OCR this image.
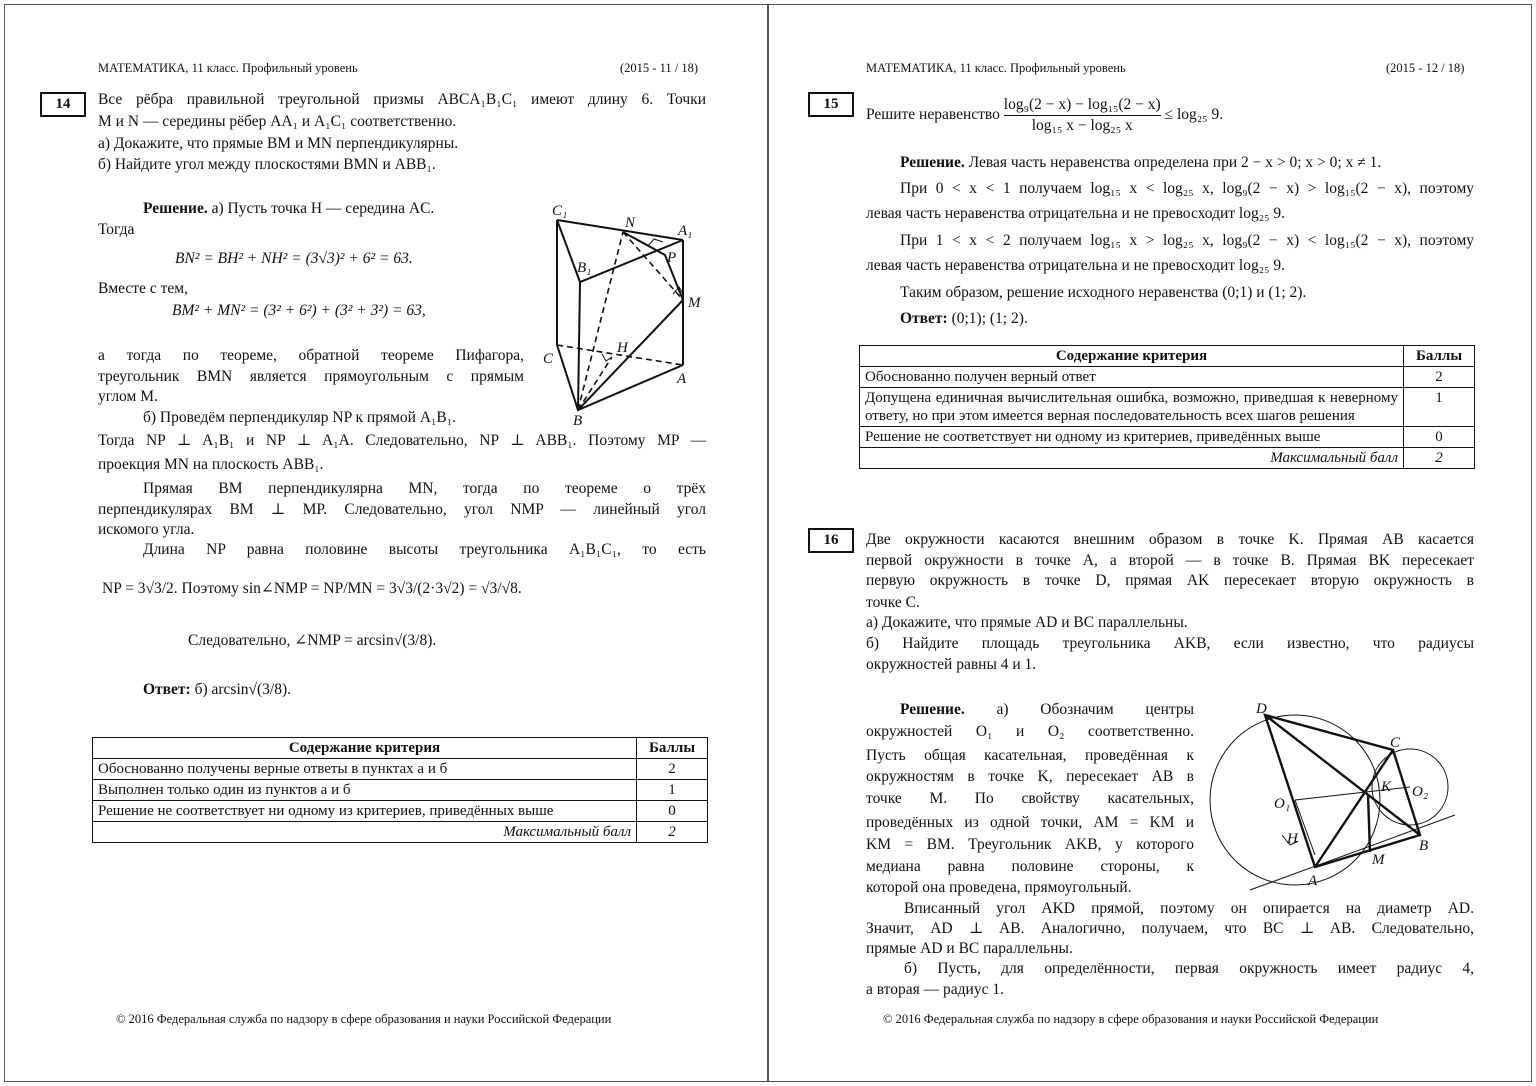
МАТЕМАТИКА, 11 класс. Профильный уровень	(2015 - 11 / 18)
14	Все рёбра правильной треугольной призмы ABCA₁B₁C₁ имеют длину 6. Точки
M и N — середины рёбер AA₁ и A₁C₁ соответственно.
а) Докажите, что прямые BM и MN перпендикулярны.
б) Найдите угол между плоскостями BMN и ABB₁.
Решение. а) Пусть точка H — середина AC.
Тогда
BN² = BH² + NH² = (3√3)² + 6² = 63.
Вместе с тем,
BM² + MN² = (3² + 6²) + (3² + 3²) = 63,
а тогда по теореме, обратной теореме Пифагора,
треугольник BMN является прямоугольным с прямым
углом M.
б) Проведём перпендикуляр NP к прямой A₁B₁.
Тогда NP ⊥ A₁B₁ и NP ⊥ A₁A. Следовательно, NP ⊥ ABB₁. Поэтому MP —
проекция MN на плоскость ABB₁.
Прямая BM перпендикулярна MN, тогда по теореме о трёх
перпендикулярах BM ⊥ MP. Следовательно, угол NMP — линейный угол
искомого угла.
Длина NP равна половине высоты треугольника A₁B₁C₁, то есть
NP = 3√3/2. Поэтому sin∠NMP = NP/MN = 3√3/(2·3√2) = √3/√8.
Следовательно, ∠NMP = arcsin√(3/8).
Ответ: б) arcsin√(3/8).
C₁
N	A₁
B₁
P
M
C
H
A
B
Содержание критерия	Баллы
Обоснованно получены верные ответы в пунктах а и б	2
Выполнен только один из пунктов а и б	1
Решение не соответствует ни одному из критериев, приведённых выше	0
Максимальный балл	2
© 2016 Федеральная служба по надзору в сфере образования и науки Российской Федерации
МАТЕМАТИКА, 11 класс. Профильный уровень	(2015 - 12 / 18)
15
Решите неравенство $\frac{\text{log₉(2 − x) − log₁₅(2 − x)}}{\text{log₁₅ x − log₂₅ x}} \le \log_{25}$ 9.
Решение. Левая часть неравенства определена при 2 − x > 0; x > 0; x ≠ 1.
При 0 < x < 1 получаем log₁₅ x < log₂₅ x, log₉(2 − x) > log₁₅(2 − x), поэтому
левая часть неравенства отрицательна и не превосходит log₂₅ 9.
При 1 < x < 2 получаем log₁₅ x > log₂₅ x, log₉(2 − x) < log₁₅(2 − x), поэтому
левая часть неравенства отрицательна и не превосходит log₂₅ 9.
Таким образом, решение исходного неравенства (0;1) и (1; 2).
Ответ: (0;1); (1; 2).
Содержание критерия	Баллы
Обоснованно получен верный ответ	2
Допущена единичная вычислительная ошибка, возможно, приведшая к неверному ответу, но при этом имеется верная последовательность всех шагов решения	1
Решение не соответствует ни одному из критериев, приведённых выше	0
Максимальный балл	2
16	Две окружности касаются внешним образом в точке K. Прямая AB касается
первой окружности в точке A, а второй — в точке B. Прямая BK пересекает
первую окружность в точке D, прямая AK пересекает вторую окружность в
точке C.
а) Докажите, что прямые AD и BC параллельны.
б) Найдите площадь треугольника AKB, если известно, что радиусы
окружностей равны 4 и 1.
Решение. а) Обозначим центры
окружностей O₁ и O₂ соответственно.
Пусть общая касательная, проведённая к
окружностям в точке K, пересекает AB в
точке M. По свойству касательных,
проведённых из одной точки, AM = KM и
KM = BM. Треугольник AKB, у которого
медиана равна половине стороны, к
которой она проведена, прямоугольный.
Вписанный угол AKD прямой, поэтому он опирается на диаметр AD.
Значит, AD ⊥ AB. Аналогично, получаем, что BC ⊥ AB. Следовательно,
прямые AD и BC параллельны.
б) Пусть, для определённости, первая окружность имеет радиус 4,
а вторая — радиус 1.
D
C
K O₂
O₁
H
M
A
B
© 2016 Федеральная служба по надзору в сфере образования и науки Российской Федерации
